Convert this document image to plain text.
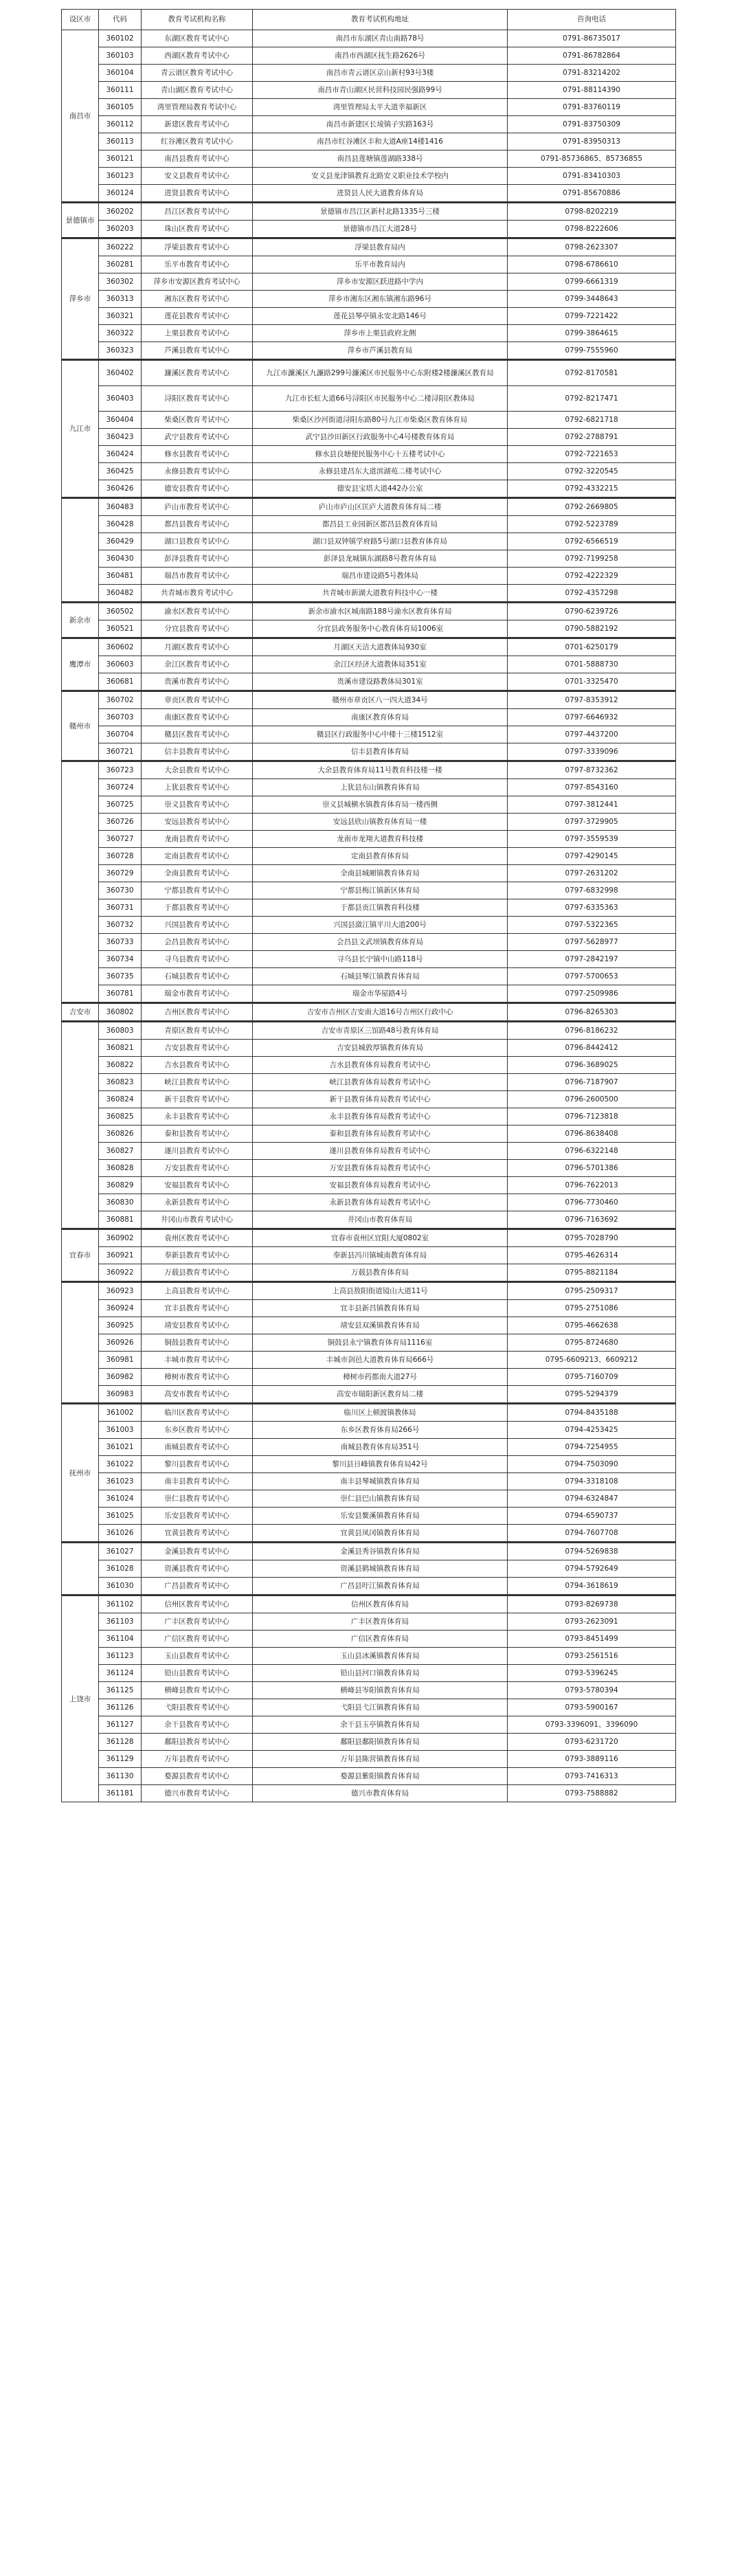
设区市	代码	教育考试机构名称	教育考试机构地址	咨询电话
南昌市	360102	东湖区教育考试中心	南昌市东湖区青山南路78号	0791-86735017
	360103	西湖区教育考试中心	南昌市西湖区抚生路2626号	0791-86782864
	360104	青云谱区教育考试中心	南昌市青云谱区京山新村93号3楼	0791-83214202
	360111	青山湖区教育考试中心	南昌市青山湖区民营科技园民强路99号	0791-88114390
	360105	湾里管理局教育考试中心	湾里管理局太平大道幸福新区	0791-83760119
	360112	新建区教育考试中心	南昌市新建区长堎镇子实路163号	0791-83750309
	360113	红谷滩区教育考试中心	南昌市红谷滩区丰和大道A座14楼1416	0791-83950313
	360121	南昌县教育考试中心	南昌县莲塘镇莲湖路338号	0791-85736865、85736855
	360123	安义县教育考试中心	安义县龙津镇教育北路安义职业技术学校内	0791-83410303
	360124	进贤县教育考试中心	进贤县人民大道教育体育局	0791-85670886
景德镇市	360202	昌江区教育考试中心	景德镇市昌江区新村北路1335号三楼	0798-8202219
	360203	珠山区教育考试中心	景德镇市昌江大道28号	0798-8222606
萍乡市	360222	浮梁县教育考试中心	浮梁县教育局内	0798-2623307
	360281	乐平市教育考试中心	乐平市教育局内	0798-6786610
	360302	萍乡市安源区教育考试中心	萍乡市安源区跃进路中学内	0799-6661319
	360313	湘东区教育考试中心	萍乡市湘东区湘东镇湘东路96号	0799-3448643
	360321	莲花县教育考试中心	莲花县琴亭镇永安北路146号	0799-7221422
	360322	上栗县教育考试中心	萍乡市上栗县政府北侧	0799-3864615
	360323	芦溪县教育考试中心	萍乡市芦溪县教育局	0799-7555960
九江市	360402	濂溪区教育考试中心	九江市濂溪区九濂路299号濂溪区市民服务中心东附楼2楼濂溪区教育局	0792-8170581
	360403	浔阳区教育考试中心	九江市长虹大道66号浔阳区市民服务中心二楼浔阳区教体局	0792-8217471
	360404	柴桑区教育考试中心	柴桑区沙河街道浔阳东路80号九江市柴桑区教育体育局	0792-6821718
	360423	武宁县教育考试中心	武宁县沙田新区行政服务中心4号楼教育体育局	0792-2788791
	360424	修水县教育考试中心	修水县良塘便民服务中心十五楼考试中心	0792-7221653
	360425	永修县教育考试中心	永修县建昌东大道滨湖苑二楼考试中心	0792-3220545
	360426	德安县教育考试中心	德安县宝塔大道442办公室	0792-4332215
	360483	庐山市教育考试中心	庐山市庐山区匡庐大道教育体育局二楼	0792-2669805
	360428	都昌县教育考试中心	都昌县工业园新区都昌县教育体育局	0792-5223789
	360429	湖口县教育考试中心	湖口县双钟镇学府路5号湖口县教育体育局	0792-6566519
	360430	彭泽县教育考试中心	彭泽县龙城镇东湖路8号教育体育局	0792-7199258
	360481	瑞昌市教育考试中心	瑞昌市建设路5号教体局	0792-4222329
	360482	共青城市教育考试中心	共青城市新湖大道教育科技中心一楼	0792-4357298
新余市	360502	渝水区教育考试中心	新余市渝水区城南路188号渝水区教育体育局	0790-6239726
	360521	分宜县教育考试中心	分宜县政务服务中心教育体育局1006室	0790-5882192
鹰潭市	360602	月湖区教育考试中心	月湖区天洁大道教体局930室	0701-6250179
	360603	余江区教育考试中心	余江区经济大道教体局351室	0701-5888730
	360681	贵溪市教育考试中心	贵溪市建设路教体局301室	0701-3325470
赣州市	360702	章贡区教育考试中心	赣州市章贡区八一四大道34号	0797-8353912
	360703	南康区教育考试中心	南康区教育体育局	0797-6646932
	360704	赣县区教育考试中心	赣县区行政服务中心中楼十三楼1512室	0797-4437200
	360721	信丰县教育考试中心	信丰县教育体育局	0797-3339096
	360723	大余县教育考试中心	大余县教育体育局11号教育科技楼一楼	0797-8732362
	360724	上犹县教育考试中心	上犹县东山镇教育体育局	0797-8543160
	360725	崇义县教育考试中心	崇义县城横水镇教育体育局一楼西侧	0797-3812441
	360726	安远县教育考试中心	安远县欣山镇教育体育局一楼	0797-3729905
	360727	龙南县教育考试中心	龙南市龙翔大道教育科技楼	0797-3559539
	360728	定南县教育考试中心	定南县教育体育局	0797-4290145
	360729	全南县教育考试中心	全南县城厢镇教育体育局	0797-2631202
	360730	宁都县教育考试中心	宁都县梅江镇新区体育局	0797-6832998
	360731	于都县教育考试中心	于都县贡江镇教育科技楼	0797-6335363
	360732	兴国县教育考试中心	兴国县潋江镇平川大道200号	0797-5322365
	360733	会昌县教育考试中心	会昌县文武坝镇教育体育局	0797-5628977
	360734	寻乌县教育考试中心	寻乌县长宁镇中山路118号	0797-2842197
	360735	石城县教育考试中心	石城县琴江镇教育体育局	0797-5700653
	360781	瑞金市教育考试中心	瑞金市华屋路4号	0797-2509986
吉安市	360802	吉州区教育考试中心	吉安市吉州区吉安南大道16号吉州区行政中心	0796-8265303
	360803	青原区教育考试中心	吉安市青原区三馆路48号教育体育局	0796-8186232
	360821	吉安县教育考试中心	吉安县城敦厚镇教育体育局	0796-8442412
	360822	吉水县教育考试中心	吉水县教育体育局教育考试中心	0796-3689025
	360823	峡江县教育考试中心	峡江县教育体育局教育考试中心	0796-7187907
	360824	新干县教育考试中心	新干县教育体育局教育考试中心	0796-2600500
	360825	永丰县教育考试中心	永丰县教育体育局教育考试中心	0796-7123818
	360826	泰和县教育考试中心	泰和县教育体育局教育考试中心	0796-8638408
	360827	遂川县教育考试中心	遂川县教育体育局教育考试中心	0796-6322148
	360828	万安县教育考试中心	万安县教育体育局教育考试中心	0796-5701386
	360829	安福县教育考试中心	安福县教育体育局教育考试中心	0796-7622013
	360830	永新县教育考试中心	永新县教育体育局教育考试中心	0796-7730460
	360881	井冈山市教育考试中心	井冈山市教育体育局	0796-7163692
宜春市	360902	袁州区教育考试中心	宜春市袁州区宜阳大厦0802室	0795-7028790
	360921	奉新县教育考试中心	奉新县冯川镇城南教育体育局	0795-4626314
	360922	万载县教育考试中心	万载县教育体育局	0795-8821184
	360923	上高县教育考试中心	上高县敖阳街道镜山大道11号	0795-2509317
	360924	宜丰县教育考试中心	宜丰县新昌镇教育体育局	0795-2751086
	360925	靖安县教育考试中心	靖安县双溪镇教育体育局	0795-4662638
	360926	铜鼓县教育考试中心	铜鼓县永宁镇教育体育局1116室	0795-8724680
	360981	丰城市教育考试中心	丰城市剑邑大道教育体育局666号	0795-6609213、6609212
	360982	樟树市教育考试中心	樟树市药都南大道27号	0795-7160709
	360983	高安市教育考试中心	高安市瑞阳新区教育局二楼	0795-5294379
抚州市	361002	临川区教育考试中心	临川区上顿渡镇教体局	0794-8435188
	361003	东乡区教育考试中心	东乡区教育体育局266号	0794-4253425
	361021	南城县教育考试中心	南城县教育体育局351号	0794-7254955
	361022	黎川县教育考试中心	黎川县日峰镇教育体育局42号	0794-7503090
	361023	南丰县教育考试中心	南丰县琴城镇教育体育局	0794-3318108
	361024	崇仁县教育考试中心	崇仁县巴山镇教育体育局	0794-6324847
	361025	乐安县教育考试中心	乐安县鳌溪镇教育体育局	0794-6590737
	361026	宜黄县教育考试中心	宜黄县凤冈镇教育体育局	0794-7607708
	361027	金溪县教育考试中心	金溪县秀谷镇教育体育局	0794-5269838
	361028	资溪县教育考试中心	资溪县鹤城镇教育体育局	0794-5792649
	361030	广昌县教育考试中心	广昌县旴江镇教育体育局	0794-3618619
上饶市	361102	信州区教育考试中心	信州区教育体育局	0793-8269738
	361103	广丰区教育考试中心	广丰区教育体育局	0793-2623091
	361104	广信区教育考试中心	广信区教育体育局	0793-8451499
	361123	玉山县教育考试中心	玉山县冰溪镇教育体育局	0793-2561516
	361124	铅山县教育考试中心	铅山县河口镇教育体育局	0793-5396245
	361125	横峰县教育考试中心	横峰县岑阳镇教育体育局	0793-5780394
	361126	弋阳县教育考试中心	弋阳县弋江镇教育体育局	0793-5900167
	361127	余干县教育考试中心	余干县玉亭镇教育体育局	0793-3396091、3396090
	361128	鄱阳县教育考试中心	鄱阳县鄱阳镇教育体育局	0793-6231720
	361129	万年县教育考试中心	万年县陈营镇教育体育局	0793-3889116
	361130	婺源县教育考试中心	婺源县紫阳镇教育体育局	0793-7416313
	361181	德兴市教育考试中心	德兴市教育体育局	0793-7588882
